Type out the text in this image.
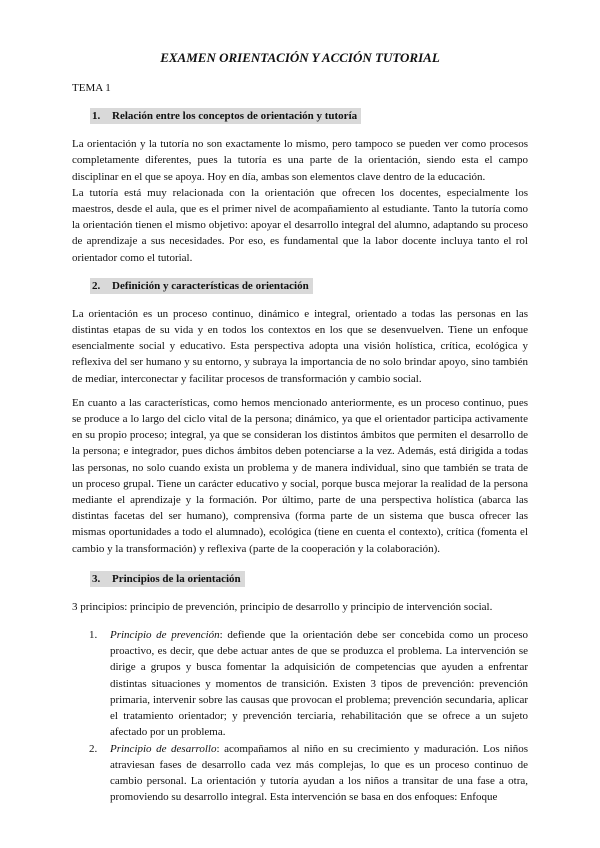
EXAMEN ORIENTACIÓN Y ACCIÓN TUTORIAL
TEMA 1
1. Relación entre los conceptos de orientación y tutoría
La orientación y la tutoría no son exactamente lo mismo, pero tampoco se pueden ver como procesos completamente diferentes, pues la tutoría es una parte de la orientación, siendo esta el campo disciplinar en el que se apoya. Hoy en día, ambas son elementos clave dentro de la educación.
La tutoría está muy relacionada con la orientación que ofrecen los docentes, especialmente los maestros, desde el aula, que es el primer nivel de acompañamiento al estudiante. Tanto la tutoría como la orientación tienen el mismo objetivo: apoyar el desarrollo integral del alumno, adaptando su proceso de aprendizaje a sus necesidades. Por eso, es fundamental que la labor docente incluya tanto el rol orientador como el tutorial.
2. Definición y características de orientación
La orientación es un proceso continuo, dinámico e integral, orientado a todas las personas en las distintas etapas de su vida y en todos los contextos en los que se desenvuelven. Tiene un enfoque esencialmente social y educativo. Esta perspectiva adopta una visión holística, crítica, ecológica y reflexiva del ser humano y su entorno, y subraya la importancia de no solo brindar apoyo, sino también de mediar, interconectar y facilitar procesos de transformación y cambio social.
En cuanto a las características, como hemos mencionado anteriormente, es un proceso continuo, pues se produce a lo largo del ciclo vital de la persona; dinámico, ya que el orientador participa activamente en su propio proceso; integral, ya que se consideran los distintos ámbitos que permiten el desarrollo de la persona; e integrador, pues dichos ámbitos deben potenciarse a la vez. Además, está dirigida a todas las personas, no solo cuando exista un problema y de manera individual, sino que también se trata de un proceso grupal. Tiene un carácter educativo y social, porque busca mejorar la realidad de la persona mediante el aprendizaje y la formación. Por último, parte de una perspectiva holística (abarca las distintas facetas del ser humano), comprensiva (forma parte de un sistema que busca ofrecer las mismas oportunidades a todo el alumnado), ecológica (tiene en cuenta el contexto), crítica (fomenta el cambio y la transformación) y reflexiva (parte de la cooperación y la colaboración).
3. Principios de la orientación
3 principios: principio de prevención, principio de desarrollo y principio de intervención social.
1. Principio de prevención: defiende que la orientación debe ser concebida como un proceso proactivo, es decir, que debe actuar antes de que se produzca el problema. La intervención se dirige a grupos y busca fomentar la adquisición de competencias que ayuden a enfrentar distintas situaciones y momentos de transición. Existen 3 tipos de prevención: prevención primaria, intervenir sobre las causas que provocan el problema; prevención secundaria, aplicar el tratamiento orientador; y prevención terciaria, rehabilitación que se ofrece a un sujeto afectado por un problema.
2. Principio de desarrollo: acompañamos al niño en su crecimiento y maduración. Los niños atraviesan fases de desarrollo cada vez más complejas, lo que es un proceso continuo de cambio personal. La orientación y tutoría ayudan a los niños a transitar de una fase a otra, promoviendo su desarrollo integral. Esta intervención se basa en dos enfoques: Enfoque
